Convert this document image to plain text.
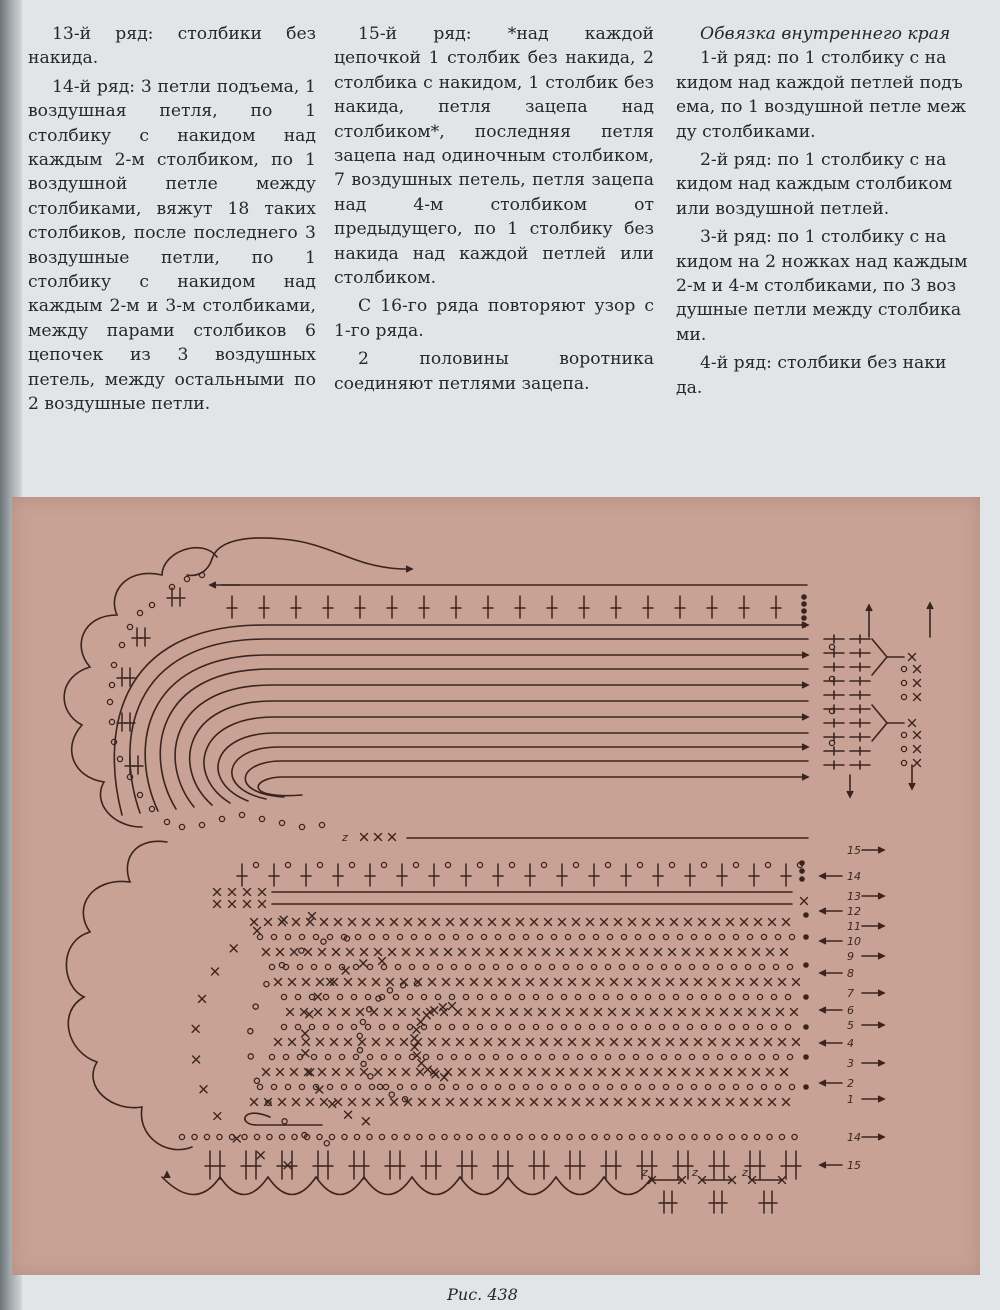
13-й ряд: столбики без накида.

14-й ряд: 3 петли подъема, 1 воздушная петля, по 1 столбику с накидом над каждым 2-м столбиком, по 1 воздушной петле между столбиками, вяжут 18 таких столбиков, после последнего 3 воздушные петли, по 1 столбику с накидом над каждым 2-м и 3-м столбиками, между парами столбиков 6 цепочек из 3 воздушных петель, между остальными по 2 воздушные петли.

15-й ряд: *над каждой цепочкой 1 столбик без накида, 2 столбика с накидом, 1 столбик без накида, петля зацепа над столбиком*, последняя петля зацепа над одиночным столбиком, 7 воздушных петель, петля зацепа над 4-м столбиком от предыдущего, по 1 столбику без накида над каждой петлей или столбиком.

С 16-го ряда повторяют узор с 1-го ряда.

2 половины воротника соединяют петлями зацепа.

Обвязка внутреннего края

1-й ряд: по 1 столбику с на

кидом над каждой петлей подъ

ема, по 1 воздушной петле меж

ду столбиками.

2-й ряд: по 1 столбику с на

кидом над каждым столбиком

или воздушной петлей.

3-й ряд: по 1 столбику с на

кидом на 2 ножках над каждым

2-м и 4-м столбиками, по 3 воз

душные петли между столбика

ми.

4-й ряд: столбики без наки

да.

z
z	z	z
15
14
13
12
11
10
9
8
7
6
5
4
3
2
1
14
15
Рис. 438
